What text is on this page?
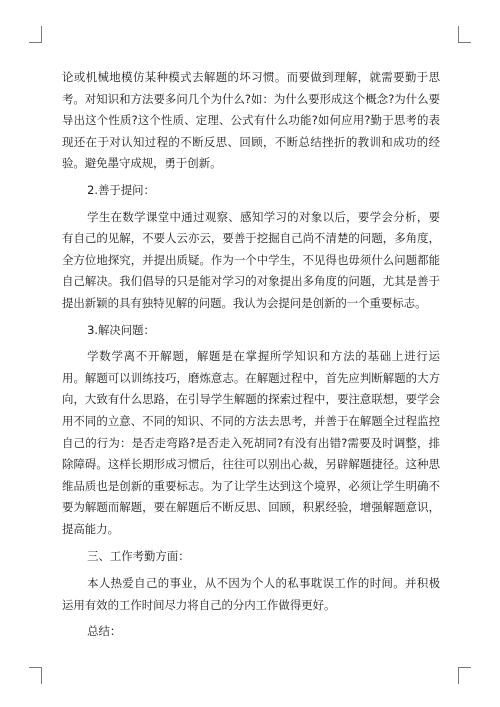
论或机械地模仿某种模式去解题的坏习惯。而要做到理解，就需要勤于思考。对知识和方法要多问几个为什么?如：为什么要形成这个概念?为什么要导出这个性质?这个性质、定理、公式有什么功能?如何应用?勤于思考的表现还在于对认知过程的不断反思、回顾，不断总结挫折的教训和成功的经验。避免墨守成规，勇于创新。

2.善于提问：

学生在数学课堂中通过观察、感知学习的对象以后，要学会分析，要有自己的见解，不要人云亦云，要善于挖掘自己尚不清楚的问题，多角度，全方位地探究，并提出质疑。作为一个中学生，不见得也毋须什么问题都能自己解决。我们倡导的只是能对学习的对象提出多角度的问题，尤其是善于提出新颖的具有独特见解的问题。我认为会提问是创新的一个重要标志。

3.解决问题：

学数学离不开解题，解题是在掌握所学知识和方法的基础上进行运用。解题可以训练技巧，磨炼意志。在解题过程中，首先应判断解题的大方向，大致有什么思路，在引导学生解题的探索过程中，要注意联想，要学会用不同的立意、不同的知识、不同的方法去思考，并善于在解题全过程监控自己的行为：是否走弯路?是否走入死胡同?有没有出错?需要及时调整，排除障碍。这样长期形成习惯后，往往可以别出心裁，另辟解题捷径。这种思维品质也是创新的重要标志。为了让学生达到这个境界，必须让学生明确不要为解题而解题，要在解题后不断反思、回顾，积累经验，增强解题意识，提高能力。

三、工作考勤方面：

本人热爱自己的事业，从不因为个人的私事耽误工作的时间。并积极运用有效的工作时间尽力将自己的分内工作做得更好。

总结：
